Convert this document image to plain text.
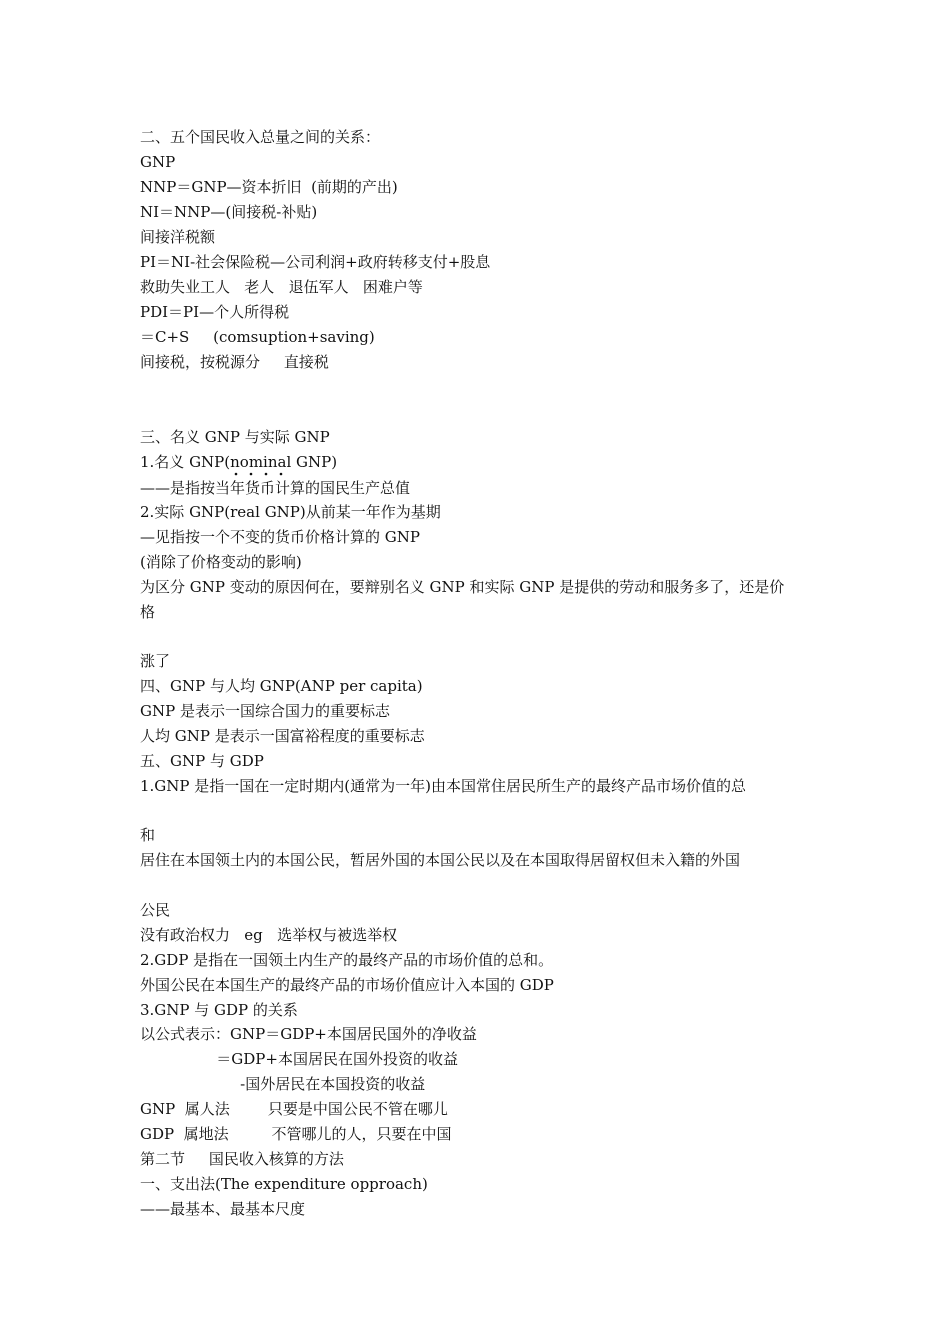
二、五个国民收入总量之间的关系：
GNP
NNP＝GNP—资本折旧  (前期的产出)
NI＝NNP—(间接税-补贴)
间接洋税额
PI＝NI-社会保险税—公司利润+政府转移支付+股息
救助失业工人   老人   退伍军人   困难户等
PDI＝PI—个人所得税
＝C+S     (comsuption+saving)
间接税，按税源分     直接税
三、名义 GNP 与实际 GNP
1.名义 GNP(nominal GNP)
——是指按当年货币计算的国民生产总值
2.实际 GNP(real GNP)从前某一年作为基期
—见指按一个不变的货币价格计算的 GNP
(消除了价格变动的影响)
为区分 GNP 变动的原因何在，要辩别名义 GNP 和实际 GNP 是提供的劳动和服务多了，还是价
格
涨了
四、GNP 与人均 GNP(ANP per capita)
GNP 是表示一国综合国力的重要标志
人均 GNP 是表示一国富裕程度的重要标志
五、GNP 与 GDP
1.GNP 是指一国在一定时期内(通常为一年)由本国常住居民所生产的最终产品市场价值的总
和
居住在本国领土内的本国公民，暂居外国的本国公民以及在本国取得居留权但未入籍的外国
公民
没有政治权力   eg   选举权与被选举权
2.GDP 是指在一国领土内生产的最终产品的市场价值的总和。
外国公民在本国生产的最终产品的市场价值应计入本国的 GDP
3.GNP 与 GDP 的关系
以公式表示：GNP＝GDP+本国居民国外的净收益
＝GDP+本国居民在国外投资的收益
-国外居民在本国投资的收益
GNP  属人法        只要是中国公民不管在哪儿
GDP  属地法         不管哪儿的人，只要在中国
第二节     国民收入核算的方法
一、支出法(The expenditure opproach)
——最基本、最基本尺度
